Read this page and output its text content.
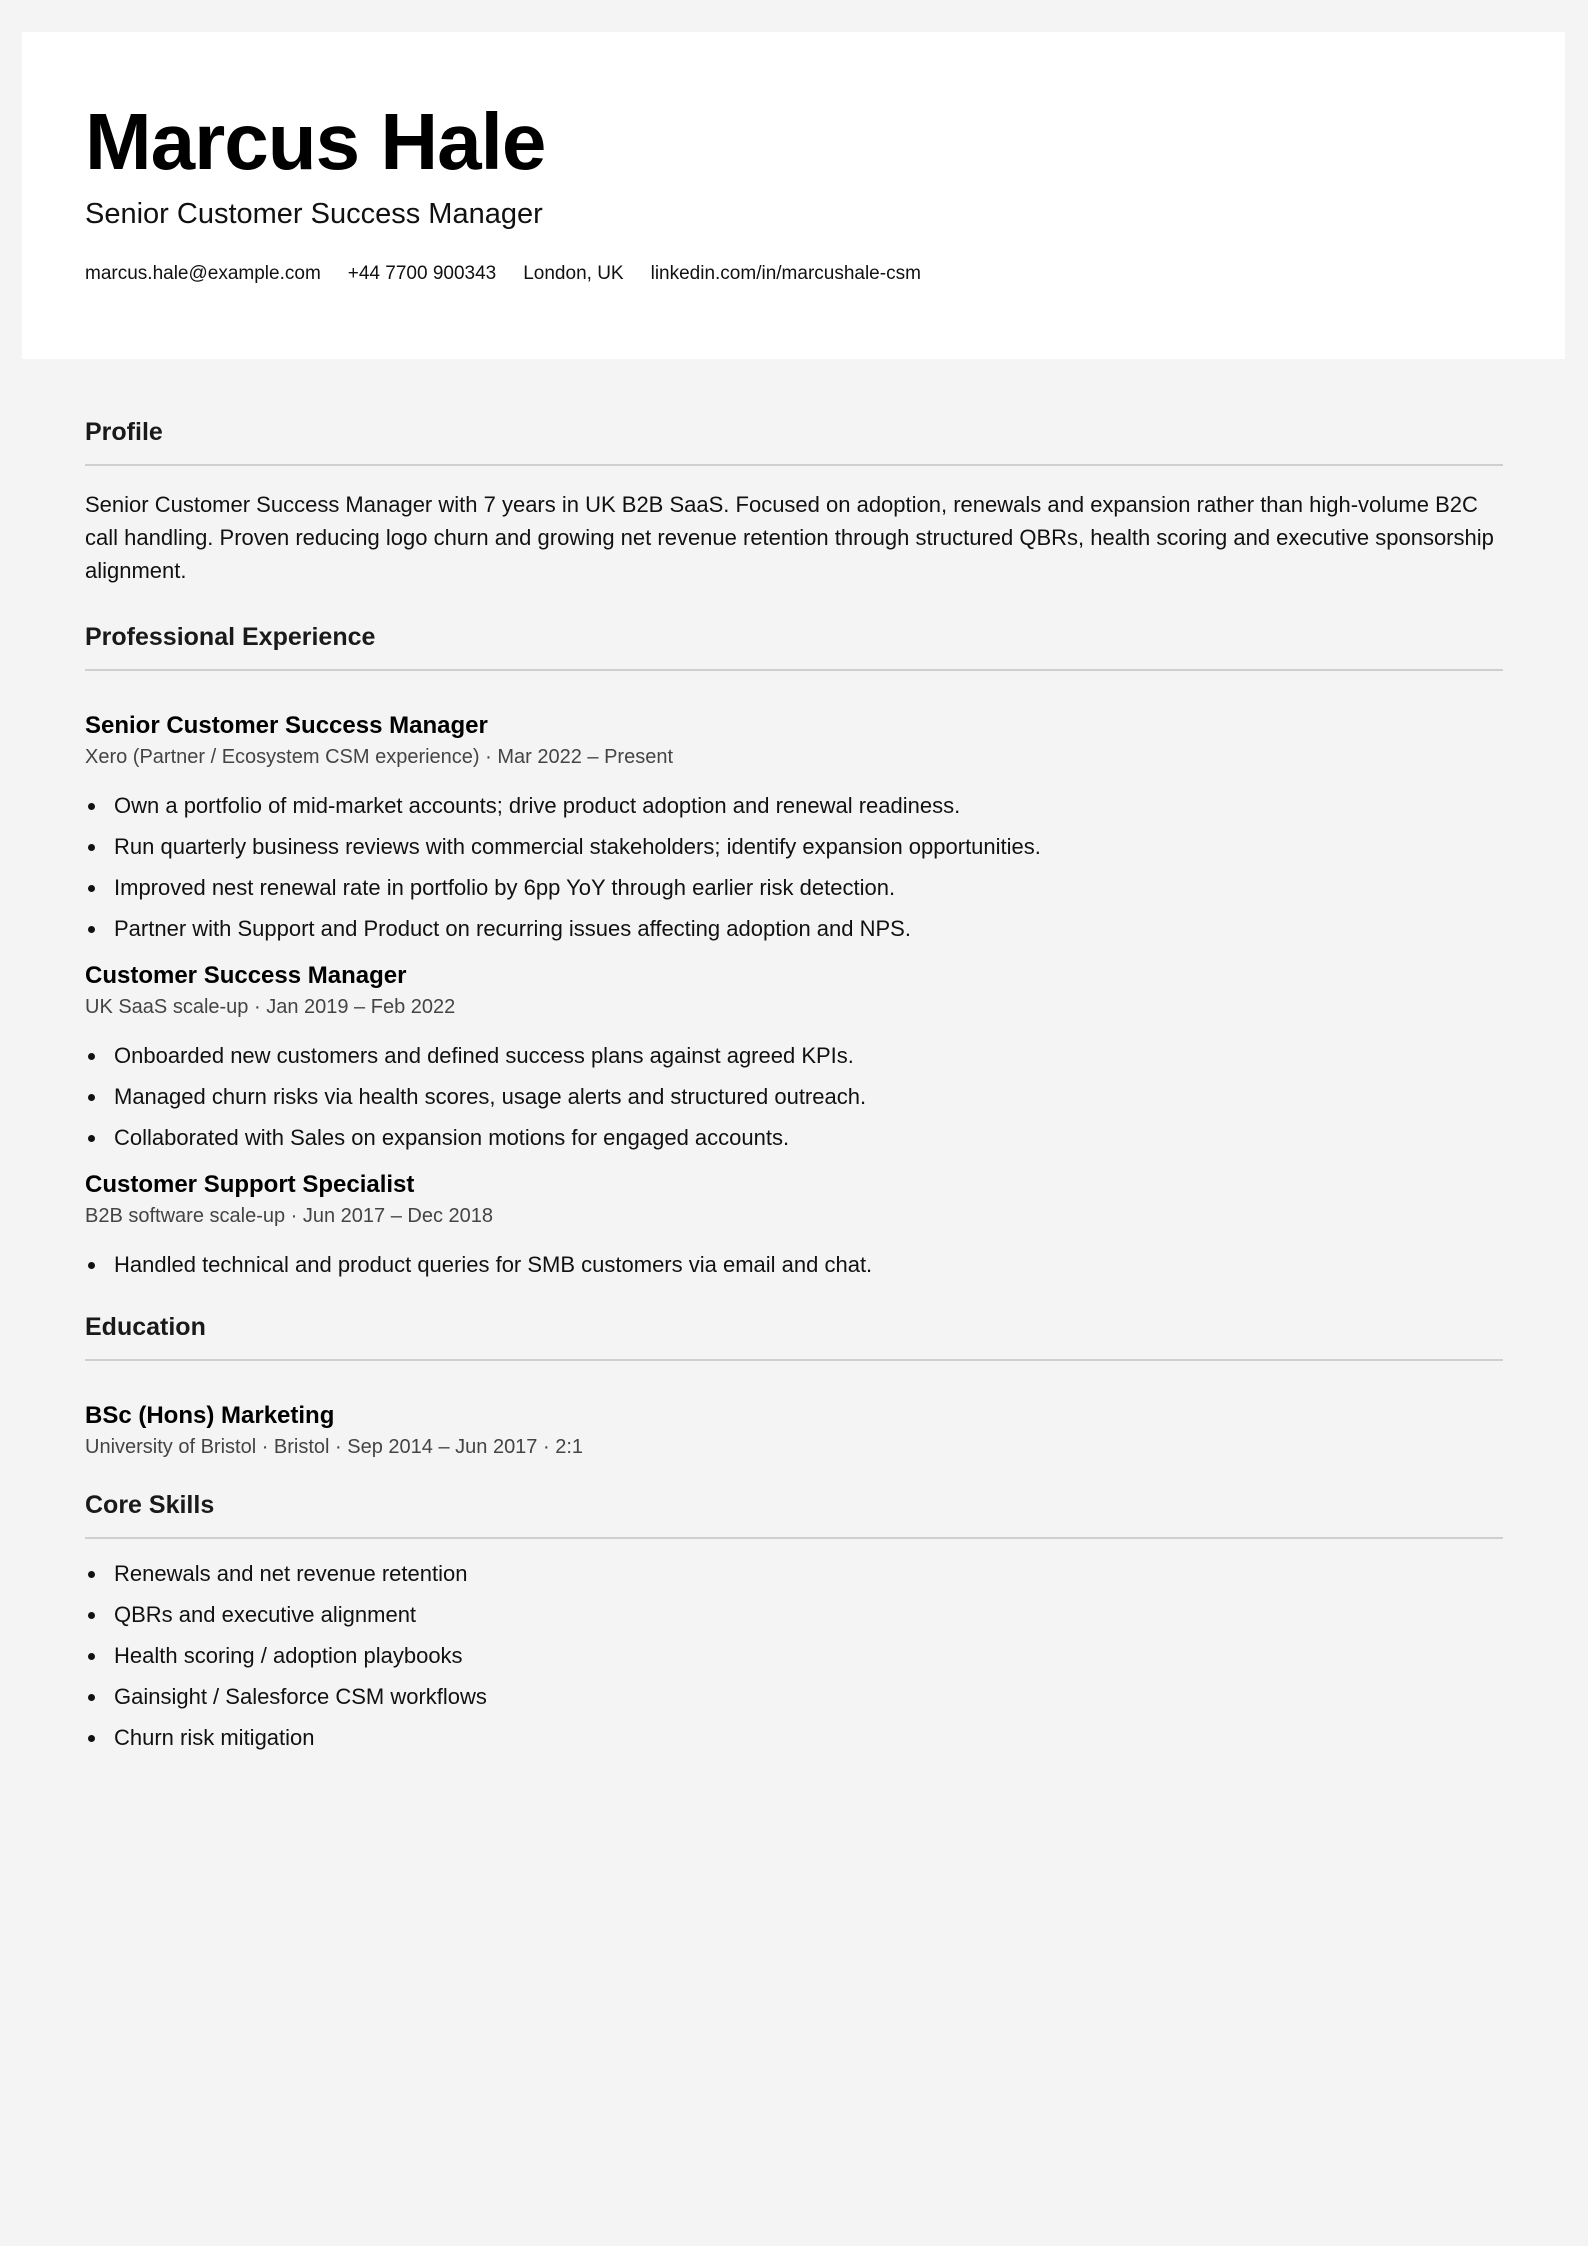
Marcus Hale
Senior Customer Success Manager
marcus.hale@example.com +44 7700 900343 London, UK linkedin.com/in/marcushale-csm
Profile

Senior Customer Success Manager with 7 years in UK B2B SaaS. Focused on adoption, renewals and expansion rather than high-volume B2C call handling. Proven reducing logo churn and growing net revenue retention through structured QBRs, health scoring and executive sponsorship alignment.

Professional Experience
Senior Customer Success Manager

Xero (Partner / Ecosystem CSM experience) · Mar 2022 – Present

Own a portfolio of mid-market accounts; drive product adoption and renewal readiness.
Run quarterly business reviews with commercial stakeholders; identify expansion opportunities.
Improved nest renewal rate in portfolio by 6pp YoY through earlier risk detection.
Partner with Support and Product on recurring issues affecting adoption and NPS.
Customer Success Manager

UK SaaS scale-up · Jan 2019 – Feb 2022

Onboarded new customers and defined success plans against agreed KPIs.
Managed churn risks via health scores, usage alerts and structured outreach.
Collaborated with Sales on expansion motions for engaged accounts.
Customer Support Specialist

B2B software scale-up · Jun 2017 – Dec 2018

Handled technical and product queries for SMB customers via email and chat.
Education
BSc (Hons) Marketing

University of Bristol · Bristol · Sep 2014 – Jun 2017 · 2:1

Core Skills
Renewals and net revenue retention
QBRs and executive alignment
Health scoring / adoption playbooks
Gainsight / Salesforce CSM workflows
Churn risk mitigation
